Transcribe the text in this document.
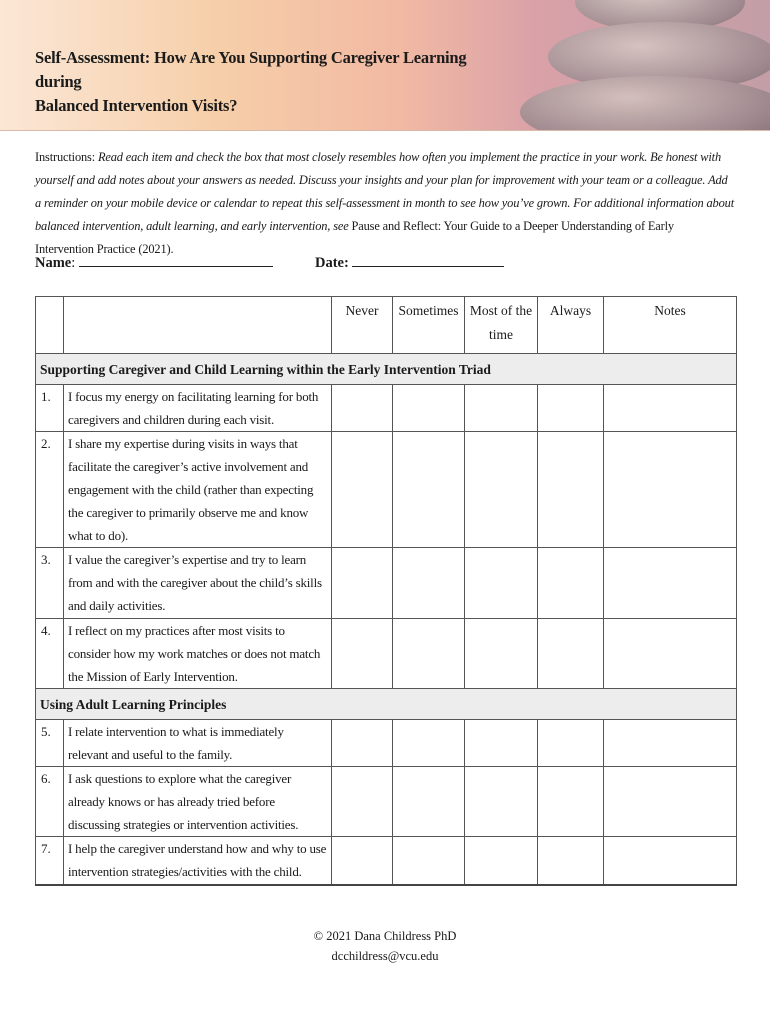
Self-Assessment: How Are You Supporting Caregiver Learning during
Balanced Intervention Visits?
Instructions: Read each item and check the box that most closely resembles how often you implement the practice in your work. Be honest with yourself and add notes about your answers as needed. Discuss your insights and your plan for improvement with your team or a colleague. Add a reminder on your mobile device or calendar to repeat this self-assessment in month to see how you’ve grown. For additional information about balanced intervention, adult learning, and early intervention, see Pause and Reflect: Your Guide to a Deeper Understanding of Early Intervention Practice (2021).
Name:	Date:
		Never	Sometimes	Most of the time	Always	Notes
Supporting Caregiver and Child Learning within the Early Intervention Triad						
1.	I focus my energy on facilitating learning for both caregivers and children during each visit.					
2.	I share my expertise during visits in ways that facilitate the caregiver’s active involvement and engagement with the child (rather than expecting the caregiver to primarily observe me and know what to do).					
3.	I value the caregiver’s expertise and try to learn from and with the caregiver about the child’s skills and daily activities.					
4.	I reflect on my practices after most visits to consider how my work matches or does not match the Mission of Early Intervention.					
Using Adult Learning Principles						
5.	I relate intervention to what is immediately relevant and useful to the family.					
6.	I ask questions to explore what the caregiver already knows or has already tried before discussing strategies or intervention activities.					
7.	I help the caregiver understand how and why to use intervention strategies/activities with the child.					
© 2021 Dana Childress PhD
dcchildress@vcu.edu
